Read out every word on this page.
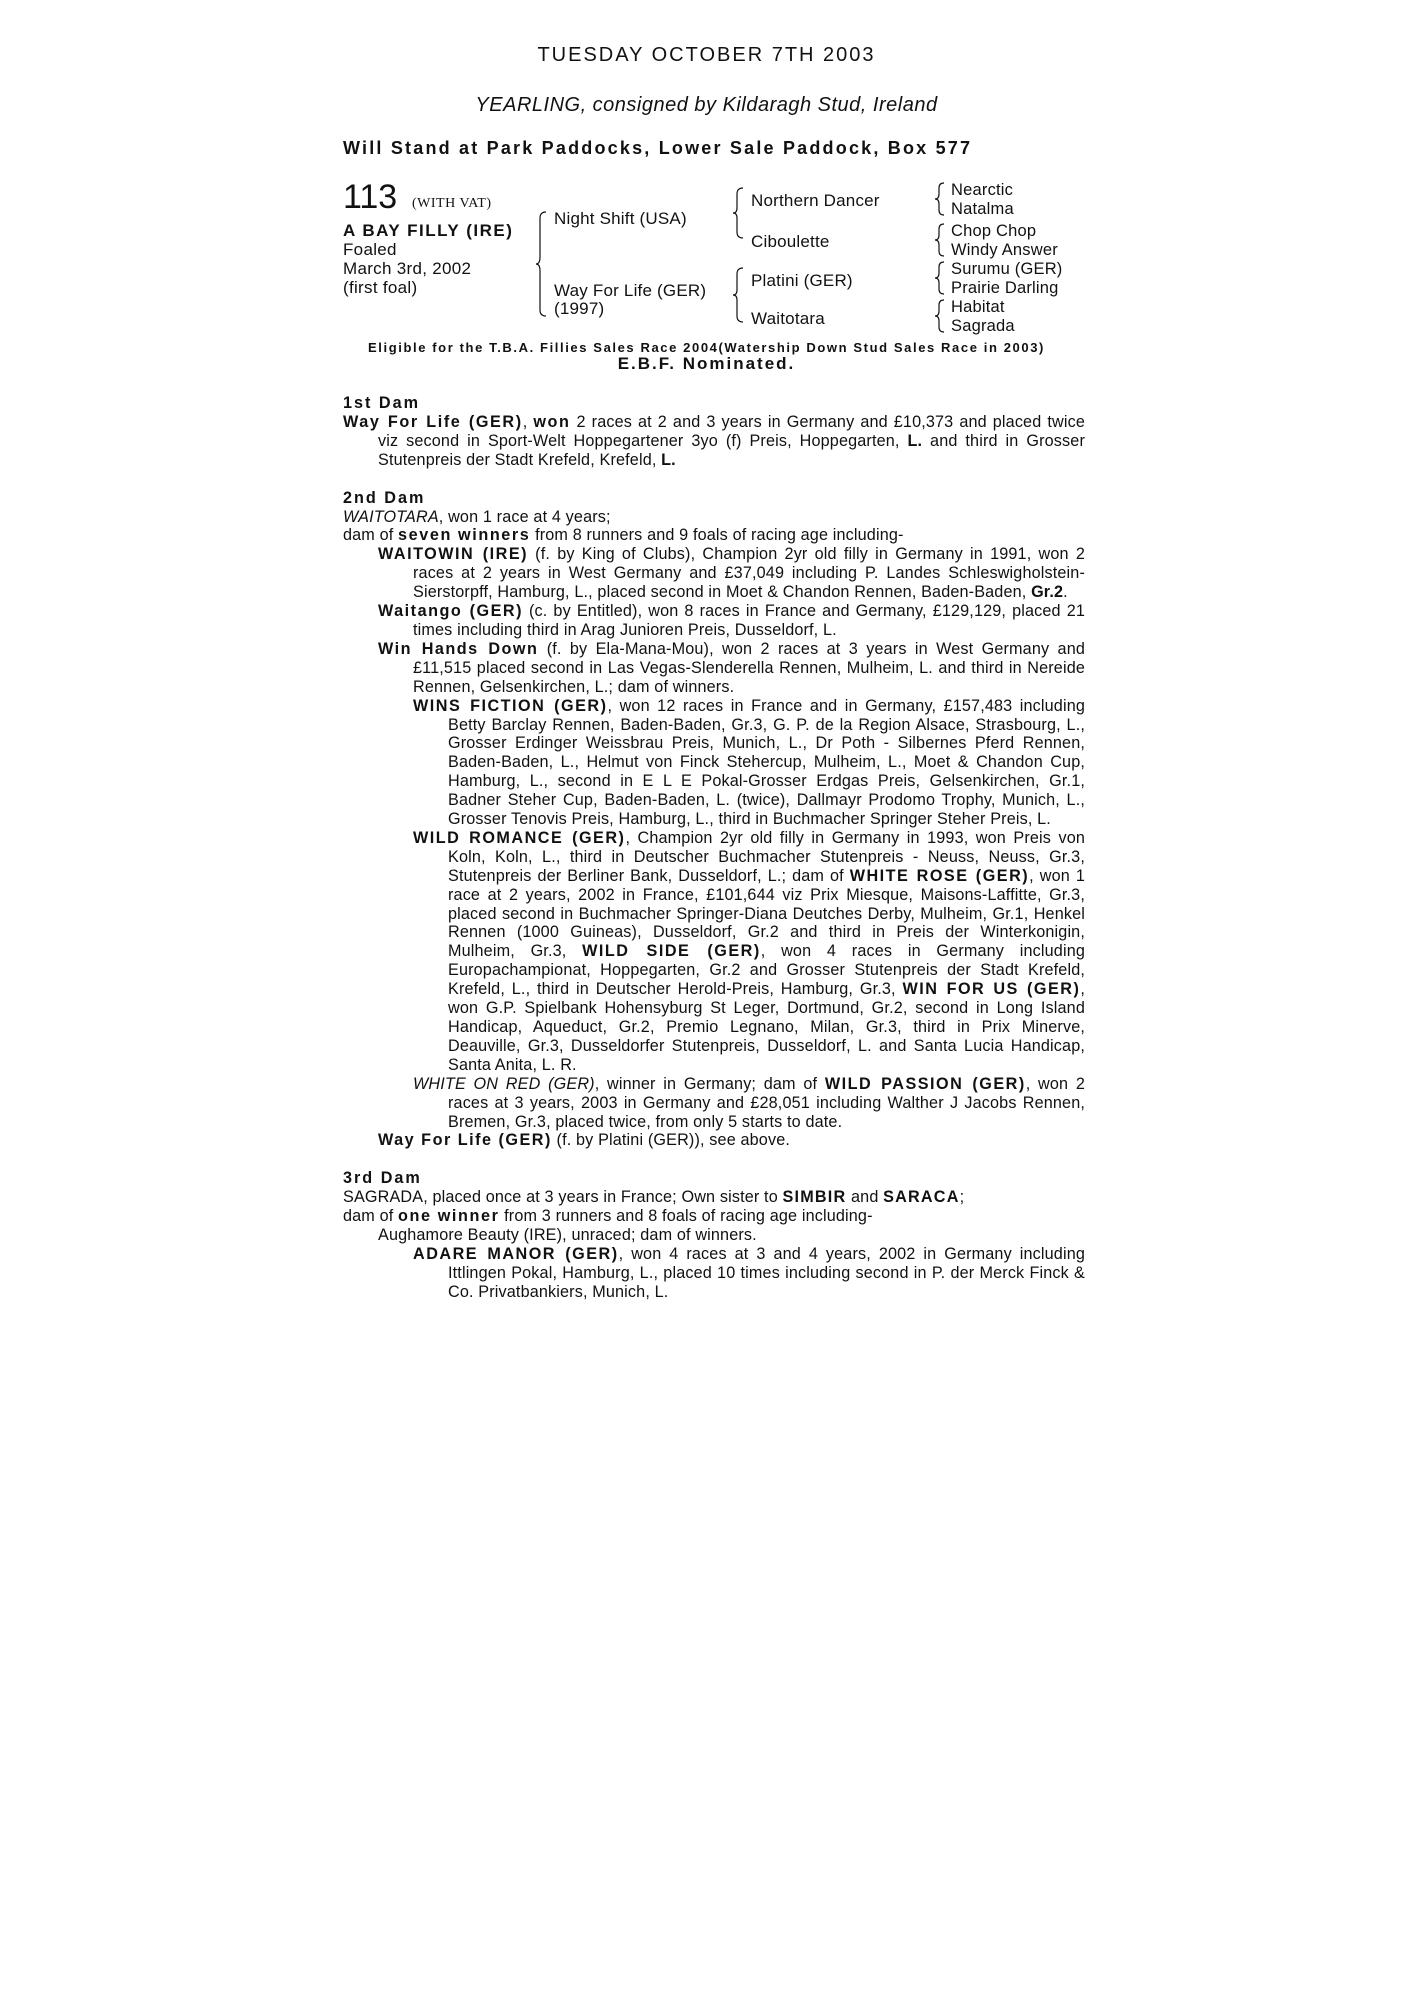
TUESDAY OCTOBER 7TH 2003
YEARLING, consigned by Kildaragh Stud, Ireland
Will Stand at Park Paddocks, Lower Sale Paddock, Box 577
113 (WITH VAT)
A BAY FILLY (IRE)
Foaled
March 3rd, 2002
(first foal)
Night Shift (USA)
Way For Life (GER)
(1997)
Northern Dancer
Ciboulette
Platini (GER)
Waitotara
Nearctic
Natalma
Chop Chop
Windy Answer
Surumu (GER)
Prairie Darling
Habitat
Sagrada
Eligible for the T.B.A. Fillies Sales Race 2004(Watership Down Stud Sales Race in 2003)
E.B.F. Nominated.
1st Dam
Way For Life (GER), won 2 races at 2 and 3 years in Germany and £10,373 and placed twice viz second in Sport-Welt Hoppegartener 3yo (f) Preis, Hoppegarten, L. and third in Grosser Stutenpreis der Stadt Krefeld, Krefeld, L.
2nd Dam
WAITOTARA, won 1 race at 4 years;
dam of seven winners from 8 runners and 9 foals of racing age including-
WAITOWIN (IRE) (f. by King of Clubs), Champion 2yr old filly in Germany in 1991, won 2 races at 2 years in West Germany and £37,049 including P. Landes Schleswigholstein-Sierstorpff, Hamburg, L., placed second in Moet & Chandon Rennen, Baden-Baden, Gr.2.
Waitango (GER) (c. by Entitled), won 8 races in France and Germany, £129,129, placed 21 times including third in Arag Junioren Preis, Dusseldorf, L.
Win Hands Down (f. by Ela-Mana-Mou), won 2 races at 3 years in West Germany and £11,515 placed second in Las Vegas-Slenderella Rennen, Mulheim, L. and third in Nereide Rennen, Gelsenkirchen, L.; dam of winners.
WINS FICTION (GER), won 12 races in France and in Germany, £157,483 including Betty Barclay Rennen, Baden-Baden, Gr.3, G. P. de la Region Alsace, Strasbourg, L., Grosser Erdinger Weissbrau Preis, Munich, L., Dr Poth - Silbernes Pferd Rennen, Baden-Baden, L., Helmut von Finck Stehercup, Mulheim, L., Moet & Chandon Cup, Hamburg, L., second in E L E Pokal-Grosser Erdgas Preis, Gelsenkirchen, Gr.1, Badner Steher Cup, Baden-Baden, L. (twice), Dallmayr Prodomo Trophy, Munich, L., Grosser Tenovis Preis, Hamburg, L., third in Buchmacher Springer Steher Preis, L.
WILD ROMANCE (GER), Champion 2yr old filly in Germany in 1993, won Preis von Koln, Koln, L., third in Deutscher Buchmacher Stutenpreis - Neuss, Neuss, Gr.3, Stutenpreis der Berliner Bank, Dusseldorf, L.; dam of WHITE ROSE (GER), won 1 race at 2 years, 2002 in France, £101,644 viz Prix Miesque, Maisons-Laffitte, Gr.3, placed second in Buchmacher Springer-Diana Deutches Derby, Mulheim, Gr.1, Henkel Rennen (1000 Guineas), Dusseldorf, Gr.2 and third in Preis der Winterkonigin, Mulheim, Gr.3, WILD SIDE (GER), won 4 races in Germany including Europachampionat, Hoppegarten, Gr.2 and Grosser Stutenpreis der Stadt Krefeld, Krefeld, L., third in Deutscher Herold-Preis, Hamburg, Gr.3, WIN FOR US (GER), won G.P. Spielbank Hohensyburg St Leger, Dortmund, Gr.2, second in Long Island Handicap, Aqueduct, Gr.2, Premio Legnano, Milan, Gr.3, third in Prix Minerve, Deauville, Gr.3, Dusseldorfer Stutenpreis, Dusseldorf, L. and Santa Lucia Handicap, Santa Anita, L. R.
WHITE ON RED (GER), winner in Germany; dam of WILD PASSION (GER), won 2 races at 3 years, 2003 in Germany and £28,051 including Walther J Jacobs Rennen, Bremen, Gr.3, placed twice, from only 5 starts to date.
Way For Life (GER) (f. by Platini (GER)), see above.
3rd Dam
SAGRADA, placed once at 3 years in France; Own sister to SIMBIR and SARACA;
dam of one winner from 3 runners and 8 foals of racing age including-
Aughamore Beauty (IRE), unraced; dam of winners.
ADARE MANOR (GER), won 4 races at 3 and 4 years, 2002 in Germany including Ittlingen Pokal, Hamburg, L., placed 10 times including second in P. der Merck Finck & Co. Privatbankiers, Munich, L.
